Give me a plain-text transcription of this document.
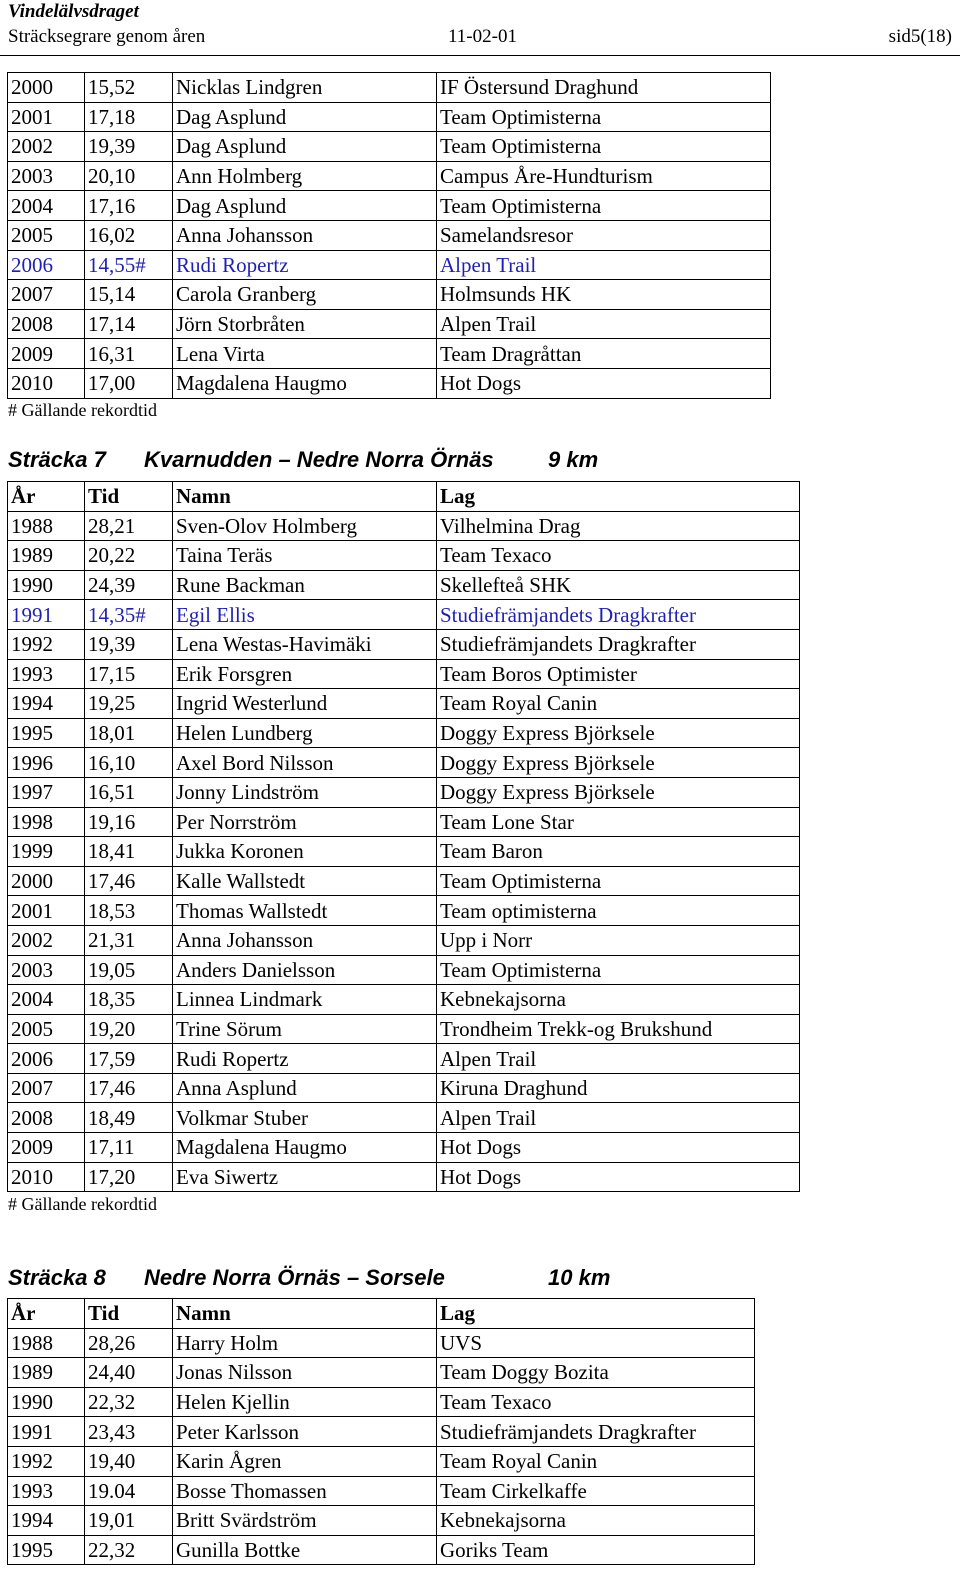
Vindelälvsdraget
Sträcksegrare genom åren	11-02-01	sid5(18)
2000	15,52	Nicklas Lindgren	IF Östersund Draghund
2001	17,18	Dag Asplund	Team Optimisterna
2002	19,39	Dag Asplund	Team Optimisterna
2003	20,10	Ann Holmberg	Campus Åre-Hundturism
2004	17,16	Dag Asplund	Team Optimisterna
2005	16,02	Anna Johansson	Samelandsresor
2006	14,55#	Rudi Ropertz	Alpen Trail
2007	15,14	Carola Granberg	Holmsunds HK
2008	17,14	Jörn Storbråten	Alpen Trail
2009	16,31	Lena Virta	Team Dragråttan
2010	17,00	Magdalena Haugmo	Hot Dogs
# Gällande rekordtid
Sträcka 7 Kvarnudden – Nedre Norra Örnäs 9 km
År	Tid	Namn	Lag
1988	28,21	Sven-Olov Holmberg	Vilhelmina Drag
1989	20,22	Taina Teräs	Team Texaco
1990	24,39	Rune Backman	Skellefteå SHK
1991	14,35#	Egil Ellis	Studiefrämjandets Dragkrafter
1992	19,39	Lena Westas-Havimäki	Studiefrämjandets Dragkrafter
1993	17,15	Erik Forsgren	Team Boros Optimister
1994	19,25	Ingrid Westerlund	Team Royal Canin
1995	18,01	Helen Lundberg	Doggy Express Björksele
1996	16,10	Axel Bord Nilsson	Doggy Express Björksele
1997	16,51	Jonny Lindström	Doggy Express Björksele
1998	19,16	Per Norrström	Team Lone Star
1999	18,41	Jukka Koronen	Team Baron
2000	17,46	Kalle Wallstedt	Team Optimisterna
2001	18,53	Thomas Wallstedt	Team optimisterna
2002	21,31	Anna Johansson	Upp i Norr
2003	19,05	Anders Danielsson	Team Optimisterna
2004	18,35	Linnea Lindmark	Kebnekajsorna
2005	19,20	Trine Sörum	Trondheim Trekk-og Brukshund
2006	17,59	Rudi Ropertz	Alpen Trail
2007	17,46	Anna Asplund	Kiruna Draghund
2008	18,49	Volkmar Stuber	Alpen Trail
2009	17,11	Magdalena Haugmo	Hot Dogs
2010	17,20	Eva Siwertz	Hot Dogs
# Gällande rekordtid
Sträcka 8 Nedre Norra Örnäs – Sorsele	10 km
År	Tid	Namn	Lag
1988	28,26	Harry Holm	UVS
1989	24,40	Jonas Nilsson	Team Doggy Bozita
1990	22,32	Helen Kjellin	Team Texaco
1991	23,43	Peter Karlsson	Studiefrämjandets Dragkrafter
1992	19,40	Karin Ågren	Team Royal Canin
1993	19.04	Bosse Thomassen	Team Cirkelkaffe
1994	19,01	Britt Svärdström	Kebnekajsorna
1995	22,32	Gunilla Bottke	Goriks Team
